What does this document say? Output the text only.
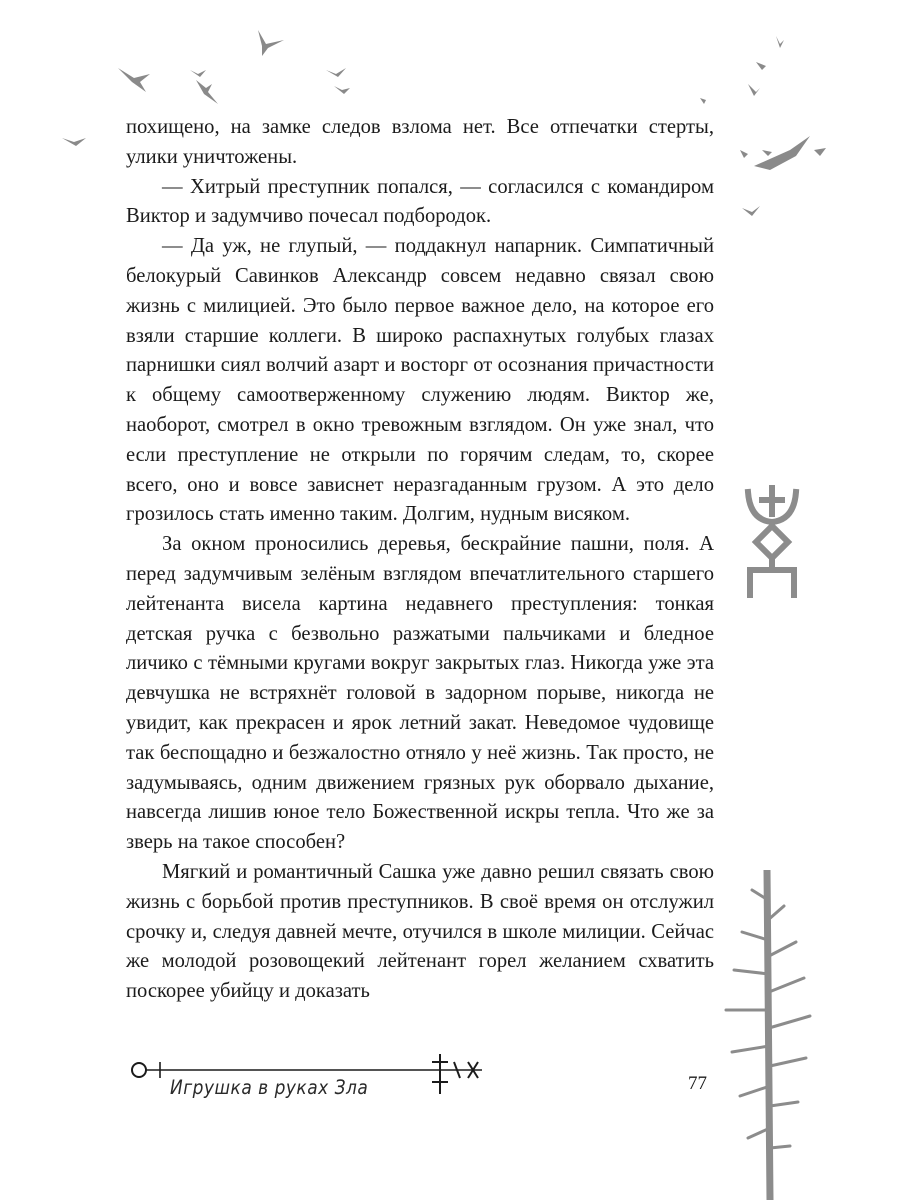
похищено, на замке следов взлома нет. Все отпечатки стерты, улики уничтожены.

— Хитрый преступник попался, — согласился с командиром Виктор и задумчиво почесал подбородок.

— Да уж, не глупый, — поддакнул напарник. Симпатичный белокурый Савинков Александр совсем недавно связал свою жизнь с милицией. Это было первое важное дело, на которое его взяли старшие коллеги. В широко распахнутых голубых глазах парнишки сиял волчий азарт и восторг от осознания причастности к общему самоотверженному служению людям. Виктор же, наоборот, смотрел в окно тревожным взглядом. Он уже знал, что если преступление не открыли по горячим следам, то, скорее всего, оно и вовсе зависнет неразгаданным грузом. А это дело грозилось стать именно таким. Долгим, нудным висяком.

За окном проносились деревья, бескрайние пашни, поля. А перед задумчивым зелёным взглядом впечатлительного старшего лейтенанта висела картина недавнего преступления: тонкая детская ручка с безвольно разжатыми пальчиками и бледное личико с тёмными кругами вокруг закрытых глаз. Никогда уже эта девчушка не встряхнёт головой в задорном порыве, никогда не увидит, как прекрасен и ярок летний закат. Неведомое чудовище так беспощадно и безжалостно отняло у неё жизнь. Так просто, не задумываясь, одним движением грязных рук оборвало дыхание, навсегда лишив юное тело Божественной искры тепла. Что же за зверь на такое способен?

Мягкий и романтичный Сашка уже давно решил связать свою жизнь с борьбой против преступников. В своё время он отслужил срочку и, следуя давней мечте, отучился в школе милиции. Сейчас же молодой розовощекий лейтенант горел желанием схватить поскорее убийцу и доказать

Игрушка в руках Зла	77
